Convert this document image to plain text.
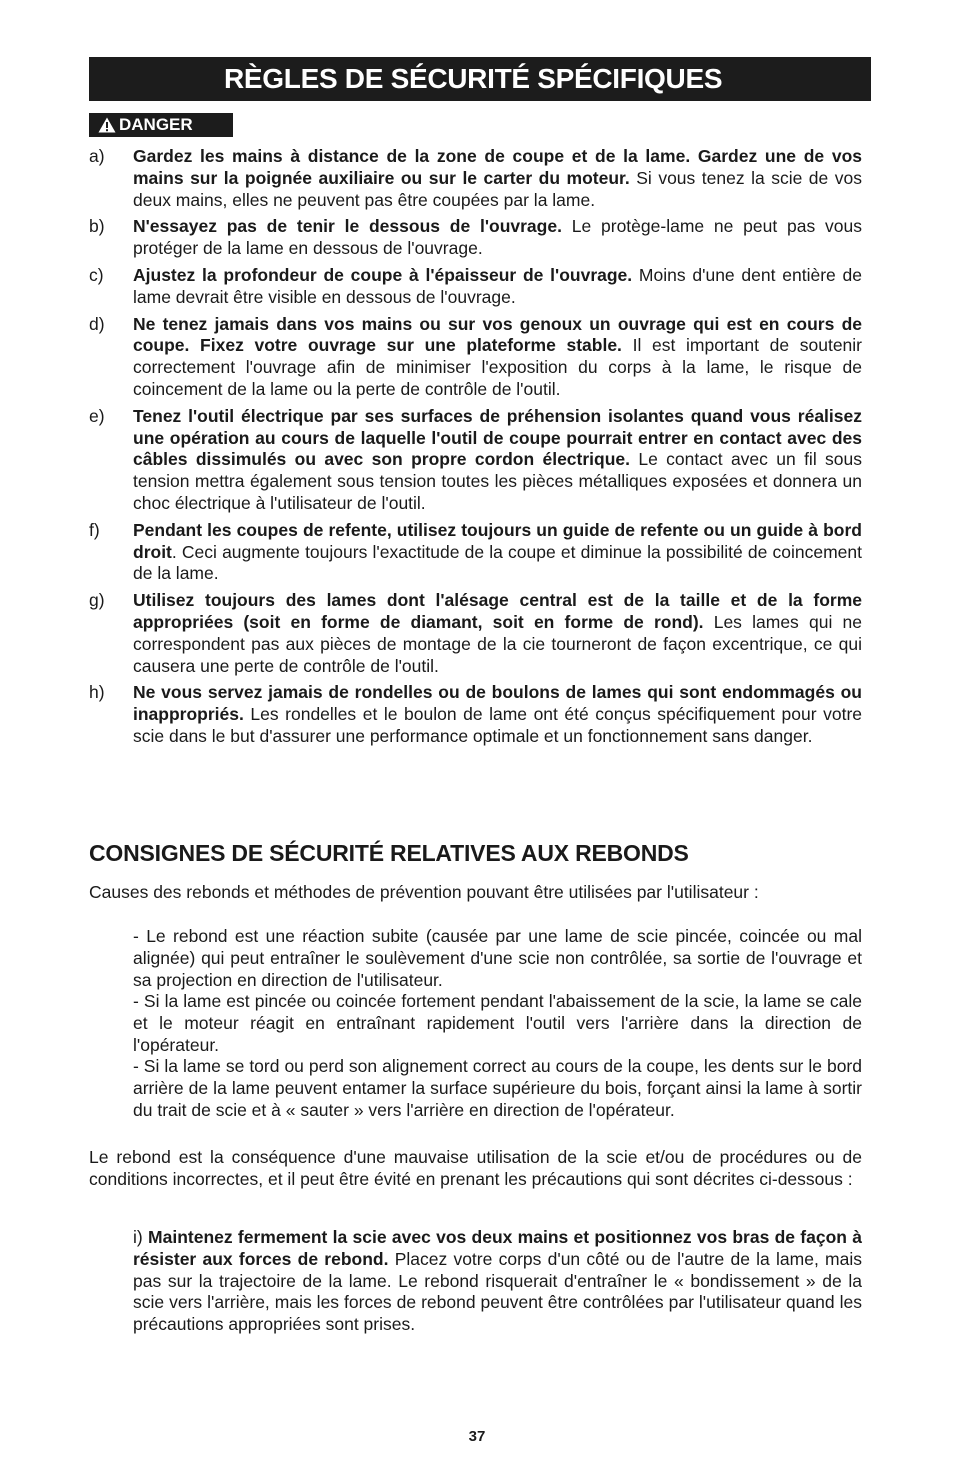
RÈGLES DE SÉCURITÉ SPÉCIFIQUES
DANGER
a) Gardez les mains à distance de la zone de coupe et de la lame. Gardez une de vos mains sur la poignée auxiliaire ou sur le carter du moteur. Si vous tenez la scie de vos deux mains, elles ne peuvent pas être coupées par la lame.
b) N'essayez pas de tenir le dessous de l'ouvrage. Le protège-lame ne peut pas vous protéger de la lame en dessous de l'ouvrage.
c) Ajustez la profondeur de coupe à l'épaisseur de l'ouvrage. Moins d'une dent entière de lame devrait être visible en dessous de l'ouvrage.
d) Ne tenez jamais dans vos mains ou sur vos genoux un ouvrage qui est en cours de coupe. Fixez votre ouvrage sur une plateforme stable. Il est important de soutenir correctement l'ouvrage afin de minimiser l'exposition du corps à la lame, le risque de coincement de la lame ou la perte de contrôle de l'outil.
e) Tenez l'outil électrique par ses surfaces de préhension isolantes quand vous réalisez une opération au cours de laquelle l'outil de coupe pourrait entrer en contact avec des câbles dissimulés ou avec son propre cordon électrique. Le contact avec un fil sous tension mettra également sous tension toutes les pièces métalliques exposées et donnera un choc électrique à l'utilisateur de l'outil.
f) Pendant les coupes de refente, utilisez toujours un guide de refente ou un guide à bord droit. Ceci augmente toujours l'exactitude de la coupe et diminue la possibilité de coincement de la lame.
g) Utilisez toujours des lames dont l'alésage central est de la taille et de la forme appropriées (soit en forme de diamant, soit en forme de rond). Les lames qui ne correspondent pas aux pièces de montage de la cie tourneront de façon excentrique, ce qui causera une perte de contrôle de l'outil.
h) Ne vous servez jamais de rondelles ou de boulons de lames qui sont endommagés ou inappropriés. Les rondelles et le boulon de lame ont été conçus spécifiquement pour votre scie dans le but d'assurer une performance optimale et un fonctionnement sans danger.
CONSIGNES DE SÉCURITÉ RELATIVES AUX REBONDS
Causes des rebonds et méthodes de prévention pouvant être utilisées par l'utilisateur :
- Le rebond est une réaction subite (causée par une lame de scie pincée, coincée ou mal alignée) qui peut entraîner le soulèvement d'une scie non contrôlée, sa sortie de l'ouvrage et sa projection en direction de l'utilisateur.
- Si la lame est pincée ou coincée fortement pendant l'abaissement de la scie, la lame se cale et le moteur réagit en entraînant rapidement l'outil vers l'arrière dans la direction de l'opérateur.
- Si la lame se tord ou perd son alignement correct au cours de la coupe, les dents sur le bord arrière de la lame peuvent entamer la surface supérieure du bois, forçant ainsi la lame à sortir du trait de scie et à « sauter » vers l'arrière en direction de l'opérateur.
Le rebond est la conséquence d'une mauvaise utilisation de la scie et/ou de procédures ou de conditions incorrectes, et il peut être évité en prenant les précautions qui sont décrites ci-dessous :
i) Maintenez fermement la scie avec vos deux mains et positionnez vos bras de façon à résister aux forces de rebond. Placez votre corps d'un côté ou de l'autre de la lame, mais pas sur la trajectoire de la lame. Le rebond risquerait d'entraîner le « bondissement » de la scie vers l'arrière, mais les forces de rebond peuvent être contrôlées par l'utilisateur quand les précautions appropriées sont prises.
37
